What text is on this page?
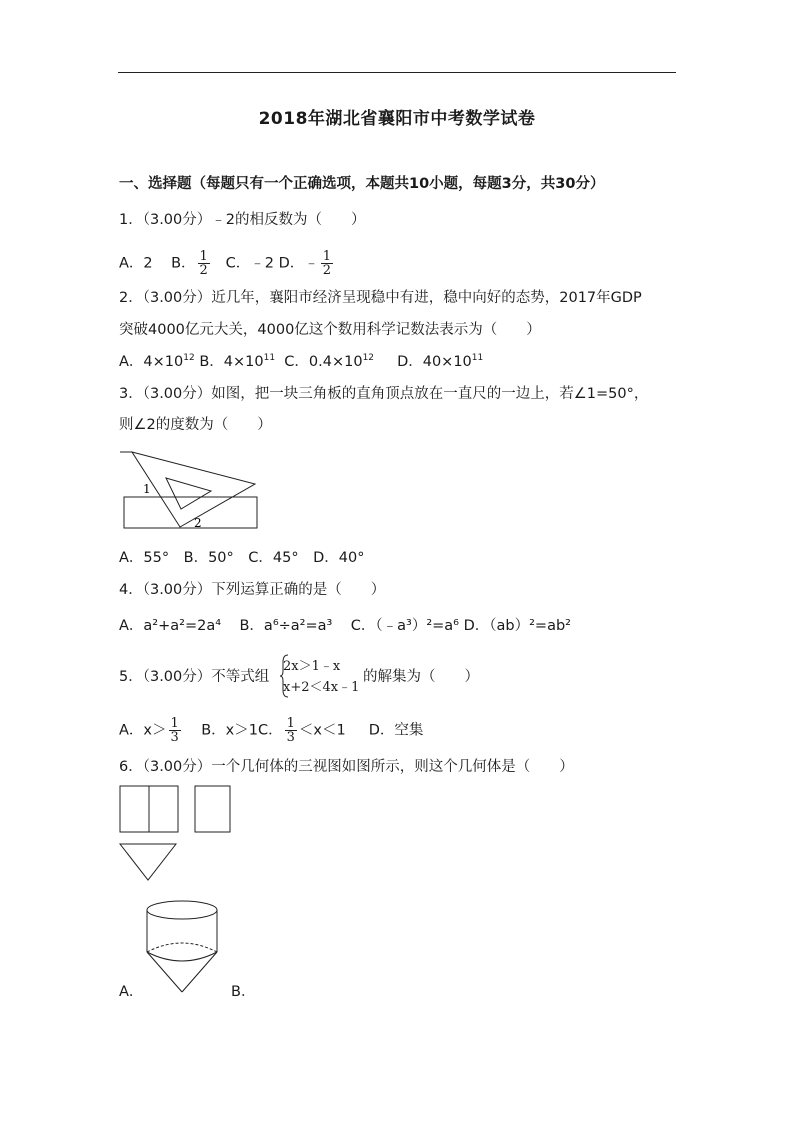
2018年湖北省襄阳市中考数学试卷
一、选择题（每题只有一个正确选项，本题共10小题，每题3分，共30分）
1．（3.00分）﹣2的相反数为（　　）
A．2 B． $\frac{1}{2}$ C．﹣2 D．﹣ $\frac{1}{2}$
2．（3.00分）近几年，襄阳市经济呈现稳中有进，稳中向好的态势，2017年GDP
突破4000亿元大关，4000亿这个数用科学记数法表示为（　　）
A．$4\times 10^{12}$ B．$4\times 10^{11}$ C．$0.4\times 10^{12}$ D．$40\times 10^{11}$
3．（3.00分）如图，把一块三角板的直角顶点放在一直尺的一边上，若∠1=50°，
则∠2的度数为（　　）
1
2
A．55°　B．50°　C．45°　D．40°
4．（3.00分）下列运算正确的是（　　）
A．a²+a²=2a⁴ B．a⁶÷a²=a³ C．（﹣a³）²=a⁶ D．（ab）²=ab²
5．（3.00分）不等式组
2x＞1﹣x
x+2＜4x﹣1
的解集为（　　）
A．$x> \frac{1}{3}$ B．x＞1C． $\frac{1}{3} <x<1$ D．空集
6．（3.00分）一个几何体的三视图如图所示，则这个几何体是（　　）
A．	B．
